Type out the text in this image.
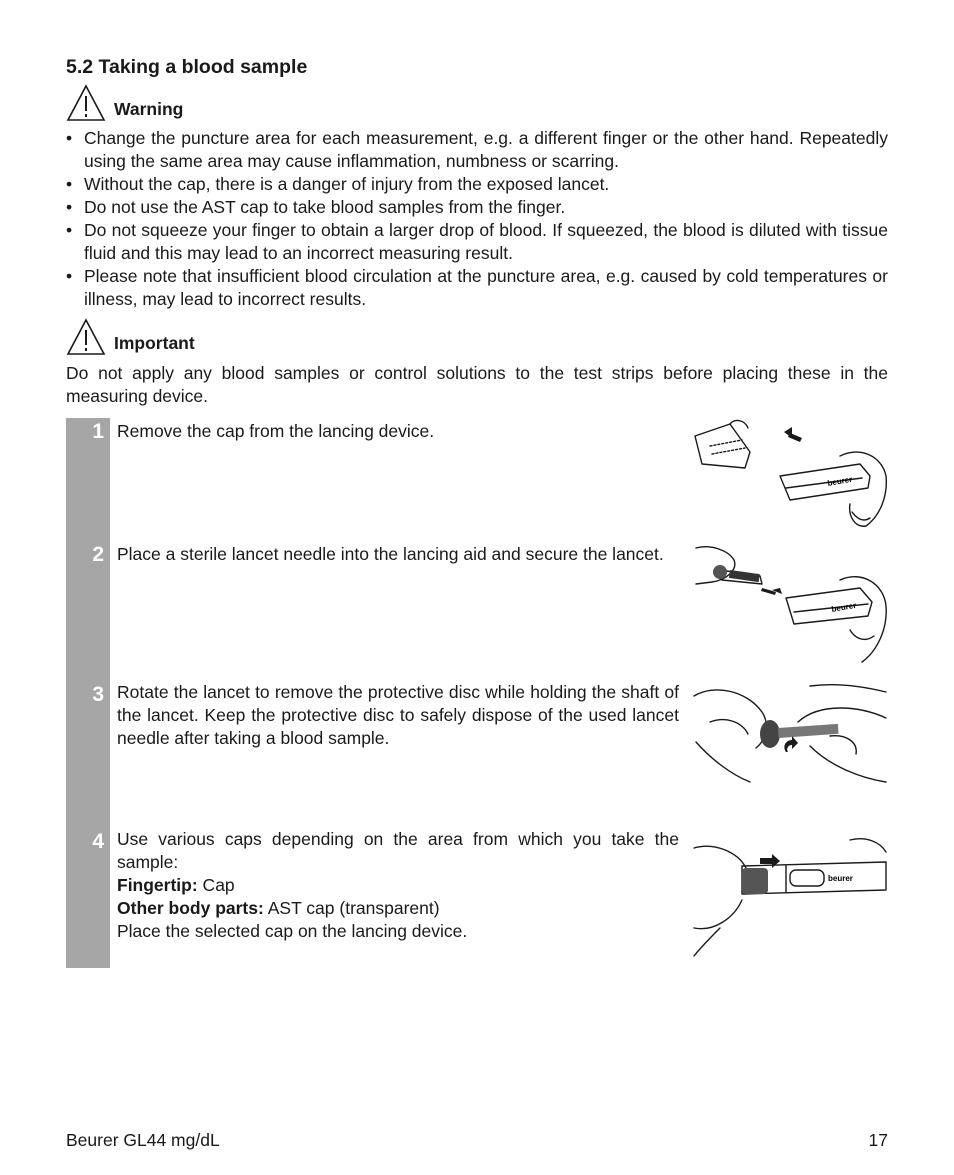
5.2 Taking a blood sample
Warning
• Change the puncture area for each measurement, e.g. a different finger or the other hand. Repeatedly using the same area may cause inflammation, numbness or scarring.
• Without the cap, there is a danger of injury from the exposed lancet.
• Do not use the AST cap to take blood samples from the finger.
• Do not squeeze your finger to obtain a larger drop of blood. If squeezed, the blood is diluted with tissue fluid and this may lead to an incorrect measuring result.
• Please note that insufficient blood circulation at the puncture area, e.g. caused by cold temperatures or illness, may lead to incorrect results.
Important
Do not apply any blood samples or control solutions to the test strips before placing these in the measuring device.
1 Remove the cap from the lancing device.
2 Place a sterile lancet needle into the lancing aid and secure the lancet.
3 Rotate the lancet to remove the protective disc while holding the shaft of the lancet. Keep the protective disc to safely dispose of the used lancet needle after taking a blood sample.
4 Use various caps depending on the area from which you take the sample:
Fingertip: Cap
Other body parts: AST cap (transparent)
Place the selected cap on the lancing device.
beurer
beurer
beurer
Beurer GL44 mg/dL	17
